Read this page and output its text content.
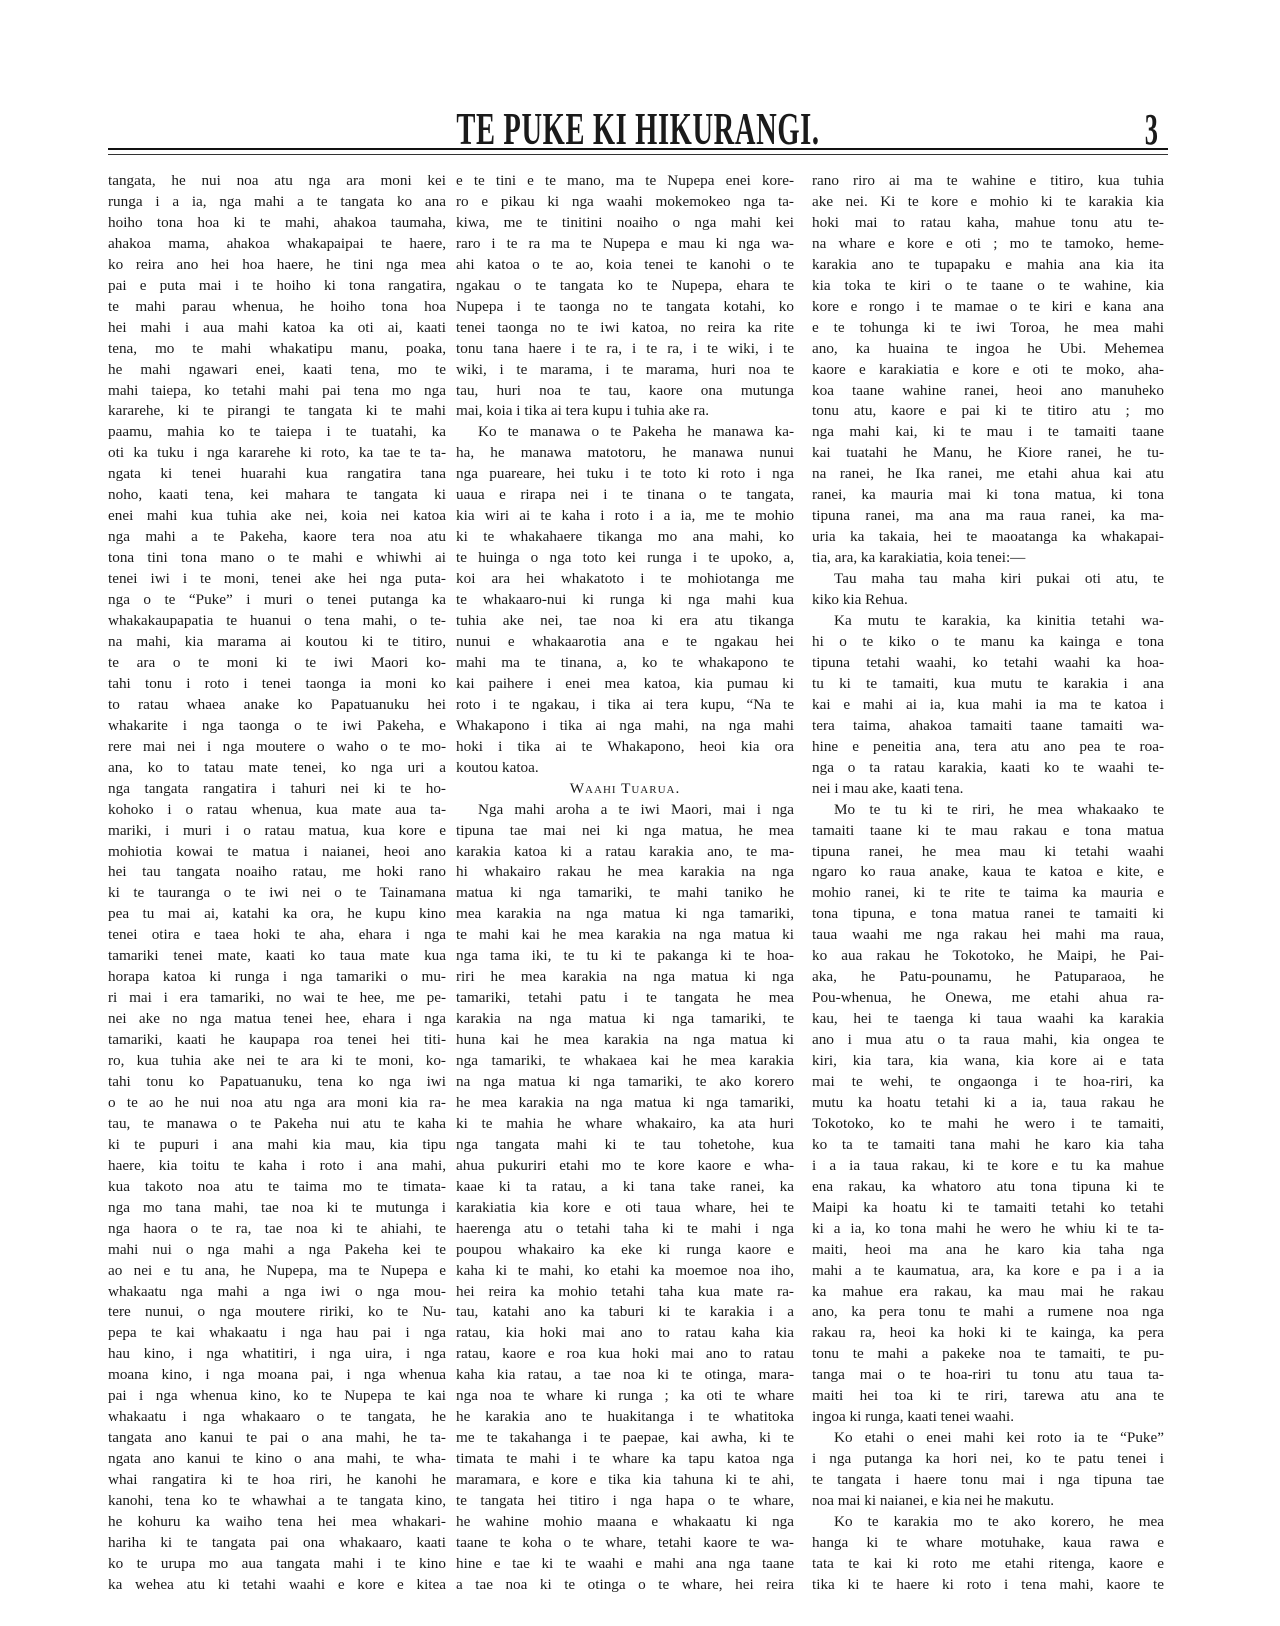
TE PUKE KI HIKURANGI.	3
tangata, he nui noa atu nga ara moni kei
runga i a ia, nga mahi a te tangata ko ana
hoiho tona hoa ki te mahi, ahakoa taumaha,
ahakoa mama, ahakoa whakapaipai te haere,
ko reira ano hei hoa haere, he tini nga mea
pai e puta mai i te hoiho ki tona rangatira,
te mahi parau whenua, he hoiho tona hoa
hei mahi i aua mahi katoa ka oti ai, kaati
tena, mo te mahi whakatipu manu, poaka,
he mahi ngawari enei, kaati tena, mo te
mahi taiepa, ko tetahi mahi pai tena mo nga
kararehe, ki te pirangi te tangata ki te mahi
paamu, mahia ko te taiepa i te tuatahi, ka
oti ka tuku i nga kararehe ki roto, ka tae te ta-
ngata ki tenei huarahi kua rangatira tana
noho, kaati tena, kei mahara te tangata ki
enei mahi kua tuhia ake nei, koia nei katoa
nga mahi a te Pakeha, kaore tera noa atu
tona tini tona mano o te mahi e whiwhi ai
tenei iwi i te moni, tenei ake hei nga puta-
nga o te “Puke” i muri o tenei putanga ka
whakakaupapatia te huanui o tena mahi, o te-
na mahi, kia marama ai koutou ki te titiro,
te ara o te moni ki te iwi Maori ko-
tahi tonu i roto i tenei taonga ia moni ko
to ratau whaea anake ko Papatuanuku hei
whakarite i nga taonga o te iwi Pakeha, e
rere mai nei i nga moutere o waho o te mo-
ana, ko to tatau mate tenei, ko nga uri a
nga tangata rangatira i tahuri nei ki te ho-
kohoko i o ratau whenua, kua mate aua ta-
mariki, i muri i o ratau matua, kua kore e
mohiotia kowai te matua i naianei, heoi ano
hei tau tangata noaiho ratau, me hoki rano
ki te tauranga o te iwi nei o te Tainamana
pea tu mai ai, katahi ka ora, he kupu kino
tenei otira e taea hoki te aha, ehara i nga
tamariki tenei mate, kaati ko taua mate kua
horapa katoa ki runga i nga tamariki o mu-
ri mai i era tamariki, no wai te hee, me pe-
nei ake no nga matua tenei hee, ehara i nga
tamariki, kaati he kaupapa roa tenei hei titi-
ro, kua tuhia ake nei te ara ki te moni, ko-
tahi tonu ko Papatuanuku, tena ko nga iwi
o te ao he nui noa atu nga ara moni kia ra-
tau, te manawa o te Pakeha nui atu te kaha
ki te pupuri i ana mahi kia mau, kia tipu
haere, kia toitu te kaha i roto i ana mahi,
kua takoto noa atu te taima mo te timata-
nga mo tana mahi, tae noa ki te mutunga i
nga haora o te ra, tae noa ki te ahiahi, te
mahi nui o nga mahi a nga Pakeha kei te
ao nei e tu ana, he Nupepa, ma te Nupepa e
whakaatu nga mahi a nga iwi o nga mou-
tere nunui, o nga moutere ririki, ko te Nu-
pepa te kai whakaatu i nga hau pai i nga
hau kino, i nga whatitiri, i nga uira, i nga
moana kino, i nga moana pai, i nga whenua
pai i nga whenua kino, ko te Nupepa te kai
whakaatu i nga whakaaro o te tangata, he
tangata ano kanui te pai o ana mahi, he ta-
ngata ano kanui te kino o ana mahi, te wha-
whai rangatira ki te hoa riri, he kanohi he
kanohi, tena ko te whawhai a te tangata kino,
he kohuru ka waiho tena hei mea whakari-
hariha ki te tangata pai ona whakaaro, kaati
ko te urupa mo aua tangata mahi i te kino
ka wehea atu ki tetahi waahi e kore e kitea
e te tini e te mano, ma te Nupepa enei kore-
ro e pikau ki nga waahi mokemokeo nga ta-
kiwa, me te tinitini noaiho o nga mahi kei
raro i te ra ma te Nupepa e mau ki nga wa-
ahi katoa o te ao, koia tenei te kanohi o te
ngakau o te tangata ko te Nupepa, ehara te
Nupepa i te taonga no te tangata kotahi, ko
tenei taonga no te iwi katoa, no reira ka rite
tonu tana haere i te ra, i te ra, i te wiki, i te
wiki, i te marama, i te marama, huri noa te
tau, huri noa te tau, kaore ona mutunga
mai, koia i tika ai tera kupu i tuhia ake ra.
Ko te manawa o te Pakeha he manawa ka-
ha, he manawa matotoru, he manawa nunui
nga puareare, hei tuku i te toto ki roto i nga
uaua e rirapa nei i te tinana o te tangata,
kia wiri ai te kaha i roto i a ia, me te mohio
ki te whakahaere tikanga mo ana mahi, ko
te huinga o nga toto kei runga i te upoko, a,
koi ara hei whakatoto i te mohiotanga me
te whakaaro-nui ki runga ki nga mahi kua
tuhia ake nei, tae noa ki era atu tikanga
nunui e whakaarotia ana e te ngakau hei
mahi ma te tinana, a, ko te whakapono te
kai paihere i enei mea katoa, kia pumau ki
roto i te ngakau, i tika ai tera kupu, “Na te
Whakapono i tika ai nga mahi, na nga mahi
hoki i tika ai te Whakapono, heoi kia ora
koutou katoa.
Waahi Tuarua.
Nga mahi aroha a te iwi Maori, mai i nga
tipuna tae mai nei ki nga matua, he mea
karakia katoa ki a ratau karakia ano, te ma-
hi whakairo rakau he mea karakia na nga
matua ki nga tamariki, te mahi taniko he
mea karakia na nga matua ki nga tamariki,
te mahi kai he mea karakia na nga matua ki
nga tama iki, te tu ki te pakanga ki te hoa-
riri he mea karakia na nga matua ki nga
tamariki, tetahi patu i te tangata he mea
karakia na nga matua ki nga tamariki, te
huna kai he mea karakia na nga matua ki
nga tamariki, te whakaea kai he mea karakia
na nga matua ki nga tamariki, te ako korero
he mea karakia na nga matua ki nga tamariki,
ki te mahia he whare whakairo, ka ata huri
nga tangata mahi ki te tau tohetohe, kua
ahua pukuriri etahi mo te kore kaore e wha-
kaae ki ta ratau, a ki tana take ranei, ka
karakiatia kia kore e oti taua whare, hei te
haerenga atu o tetahi taha ki te mahi i nga
poupou whakairo ka eke ki runga kaore e
kaha ki te mahi, ko etahi ka moemoe noa iho,
hei reira ka mohio tetahi taha kua mate ra-
tau, katahi ano ka taburi ki te karakia i a
ratau, kia hoki mai ano to ratau kaha kia
ratau, kaore e roa kua hoki mai ano to ratau
kaha kia ratau, a tae noa ki te otinga, mara-
nga noa te whare ki runga ; ka oti te whare
he karakia ano te huakitanga i te whatitoka
me te takahanga i te paepae, kai awha, ki te
timata te mahi i te whare ka tapu katoa nga
maramara, e kore e tika kia tahuna ki te ahi,
te tangata hei titiro i nga hapa o te whare,
he wahine mohio maana e whakaatu ki nga
taane te koha o te whare, tetahi kaore te wa-
hine e tae ki te waahi e mahi ana nga taane
a tae noa ki te otinga o te whare, hei reira
rano riro ai ma te wahine e titiro, kua tuhia
ake nei. Ki te kore e mohio ki te karakia kia
hoki mai to ratau kaha, mahue tonu atu te-
na whare e kore e oti ; mo te tamoko, heme-
karakia ano te tupapaku e mahia ana kia ita
kia toka te kiri o te taane o te wahine, kia
kore e rongo i te mamae o te kiri e kana ana
e te tohunga ki te iwi Toroa, he mea mahi
ano, ka huaina te ingoa he Ubi. Mehemea
kaore e karakiatia e kore e oti te moko, aha-
koa taane wahine ranei, heoi ano manuheko
tonu atu, kaore e pai ki te titiro atu ; mo
nga mahi kai, ki te mau i te tamaiti taane
kai tuatahi he Manu, he Kiore ranei, he tu-
na ranei, he Ika ranei, me etahi ahua kai atu
ranei, ka mauria mai ki tona matua, ki tona
tipuna ranei, ma ana ma raua ranei, ka ma-
uria ka takaia, hei te maoatanga ka whakapai-
tia, ara, ka karakiatia, koia tenei:—
Tau maha tau maha kiri pukai oti atu, te
kiko kia Rehua.
Ka mutu te karakia, ka kinitia tetahi wa-
hi o te kiko o te manu ka kainga e tona
tipuna tetahi waahi, ko tetahi waahi ka hoa-
tu ki te tamaiti, kua mutu te karakia i ana
kai e mahi ai ia, kua mahi ia ma te katoa i
tera taima, ahakoa tamaiti taane tamaiti wa-
hine e peneitia ana, tera atu ano pea te roa-
nga o ta ratau karakia, kaati ko te waahi te-
nei i mau ake, kaati tena.
Mo te tu ki te riri, he mea whakaako te
tamaiti taane ki te mau rakau e tona matua
tipuna ranei, he mea mau ki tetahi waahi
ngaro ko raua anake, kaua te katoa e kite, e
mohio ranei, ki te rite te taima ka mauria e
tona tipuna, e tona matua ranei te tamaiti ki
taua waahi me nga rakau hei mahi ma raua,
ko aua rakau he Tokotoko, he Maipi, he Pai-
aka, he Patu-pounamu, he Patuparaoa, he
Pou-whenua, he Onewa, me etahi ahua ra-
kau, hei te taenga ki taua waahi ka karakia
ano i mua atu o ta raua mahi, kia ongea te
kiri, kia tara, kia wana, kia kore ai e tata
mai te wehi, te ongaonga i te hoa-riri, ka
mutu ka hoatu tetahi ki a ia, taua rakau he
Tokotoko, ko te mahi he wero i te tamaiti,
ko ta te tamaiti tana mahi he karo kia taha
i a ia taua rakau, ki te kore e tu ka mahue
ena rakau, ka whatoro atu tona tipuna ki te
Maipi ka hoatu ki te tamaiti tetahi ko tetahi
ki a ia, ko tona mahi he wero he whiu ki te ta-
maiti, heoi ma ana he karo kia taha nga
mahi a te kaumatua, ara, ka kore e pa i a ia
ka mahue era rakau, ka mau mai he rakau
ano, ka pera tonu te mahi a rumene noa nga
rakau ra, heoi ka hoki ki te kainga, ka pera
tonu te mahi a pakeke noa te tamaiti, te pu-
tanga mai o te hoa-riri tu tonu atu taua ta-
maiti hei toa ki te riri, tarewa atu ana te
ingoa ki runga, kaati tenei waahi.
Ko etahi o enei mahi kei roto ia te “Puke”
i nga putanga ka hori nei, ko te patu tenei i
te tangata i haere tonu mai i nga tipuna tae
noa mai ki naianei, e kia nei he makutu.
Ko te karakia mo te ako korero, he mea
hanga ki te whare motuhake, kaua rawa e
tata te kai ki roto me etahi ritenga, kaore e
tika ki te haere ki roto i tena mahi, kaore te
